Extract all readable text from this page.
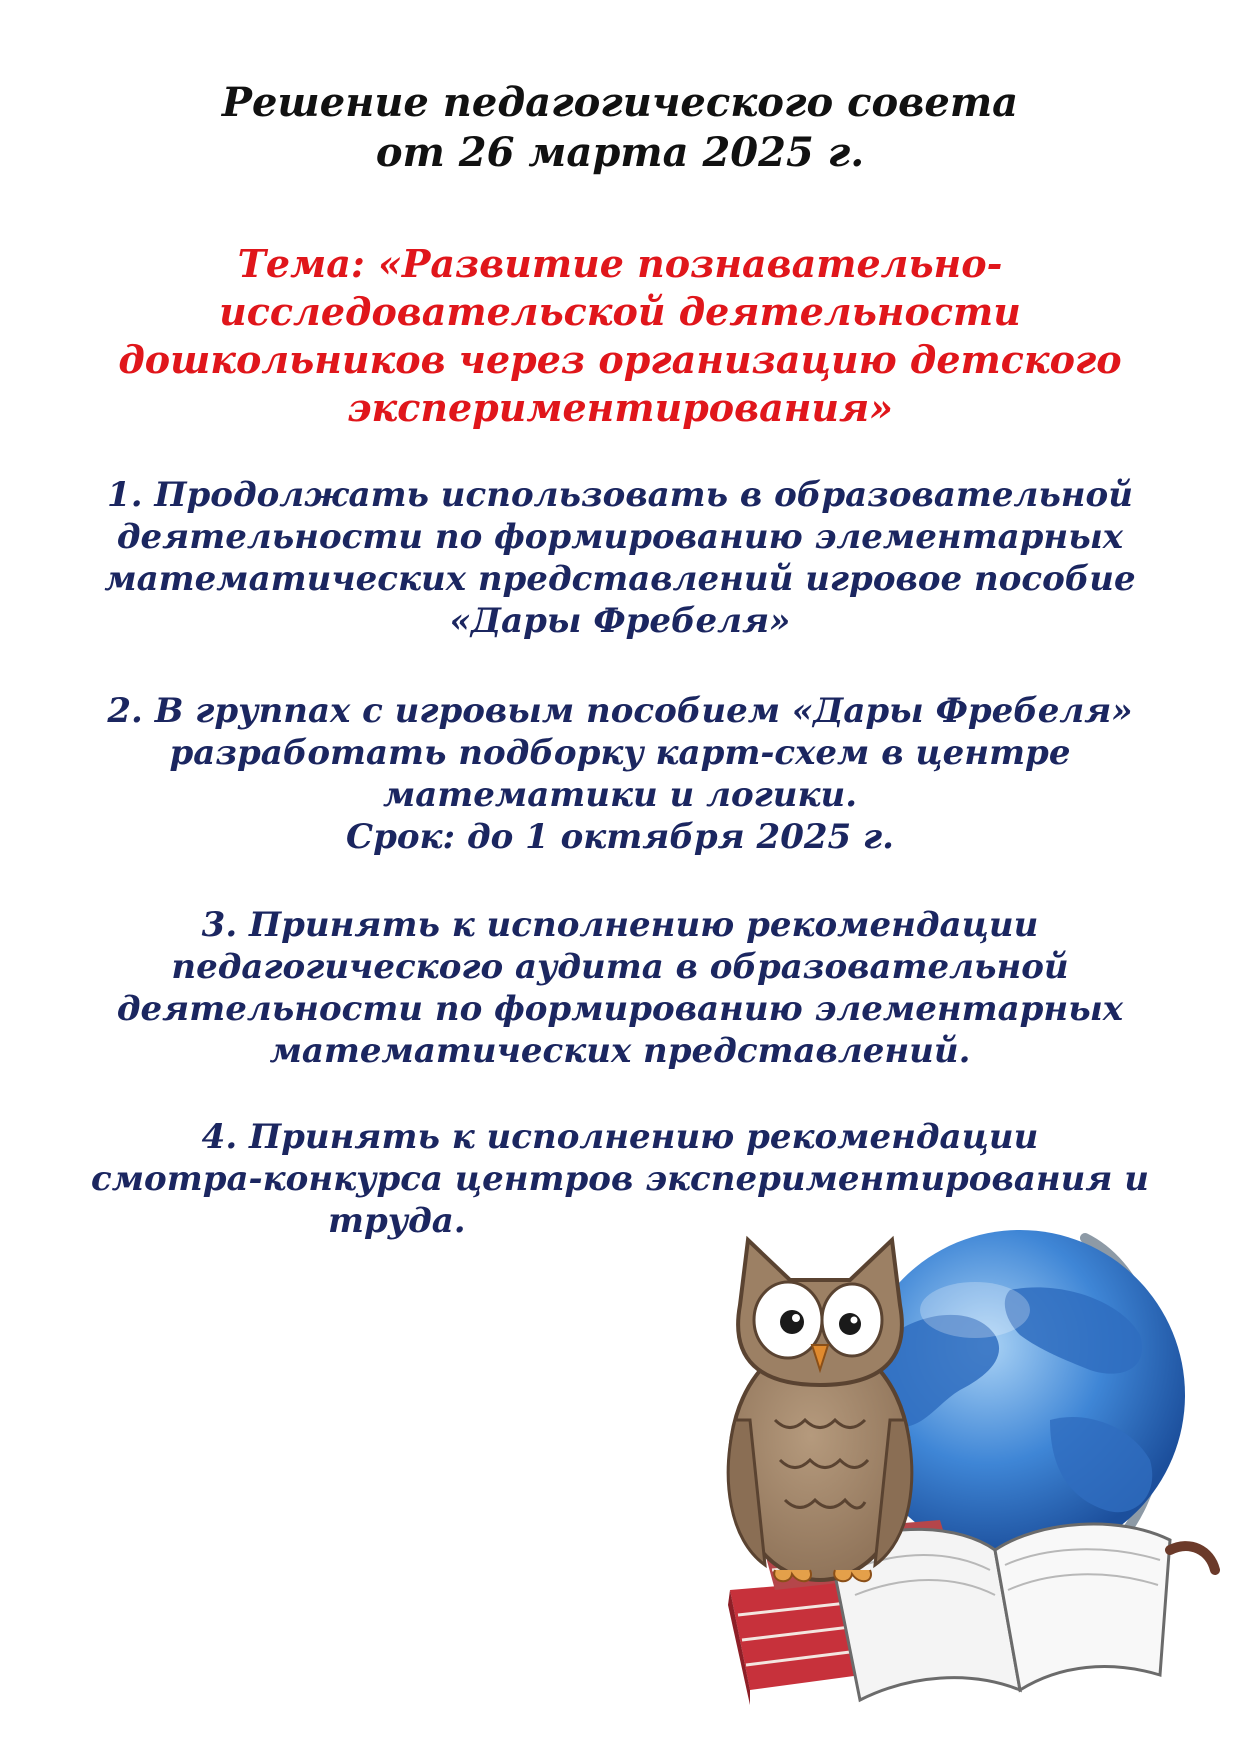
Решение педагогического совета
от 26 марта 2025 г.
Тема: «Развитие познавательно-
исследовательской деятельности
дошкольников через организацию детского
экспериментирования»
1. Продолжать использовать в образовательной
деятельности по формированию элементарных
математических представлений игровое пособие
«Дары Фребеля»
2. В группах с игровым пособием «Дары Фребеля»
разработать подборку карт-схем в центре
математики и логики.
Срок: до 1 октября 2025 г.
3. Принять к исполнению рекомендации
педагогического аудита в образовательной
деятельности по формированию элементарных
математических представлений.
4. Принять к исполнению рекомендации
смотра-конкурса центров экспериментирования и
труда.
